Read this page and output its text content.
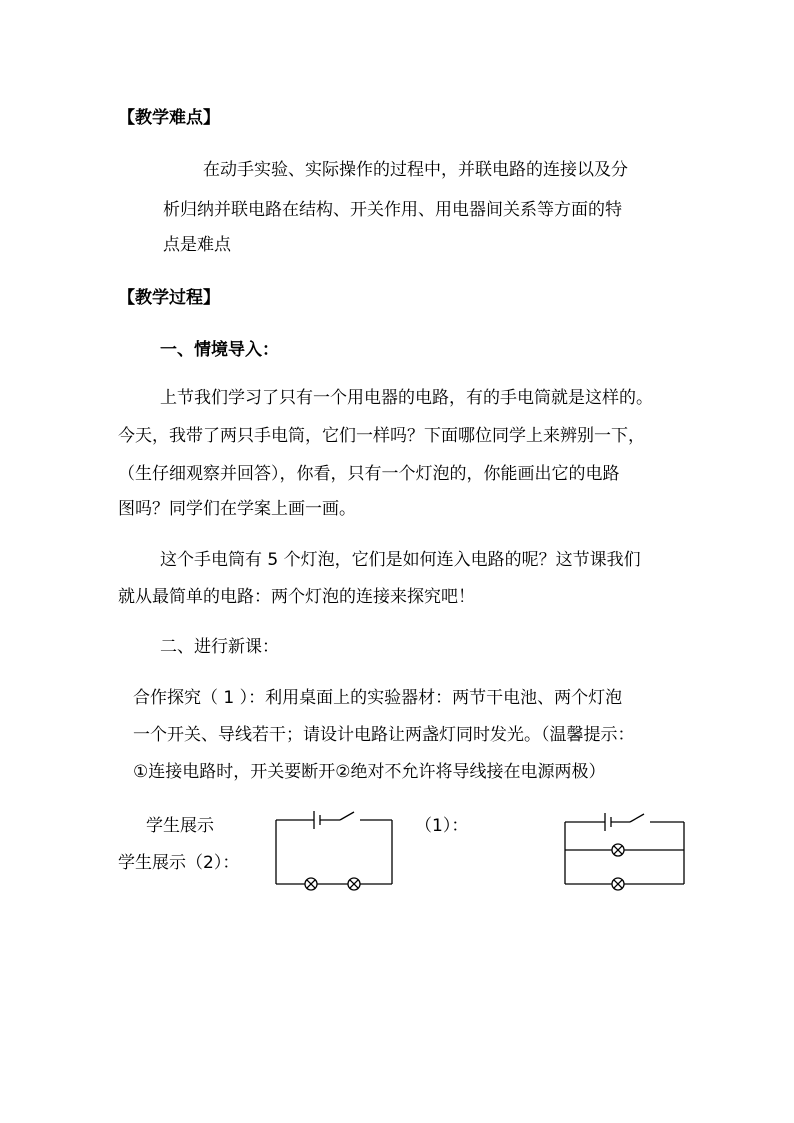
【教学难点】
在动手实验、实际操作的过程中，并联电路的连接以及分
析归纳并联电路在结构、开关作用、用电器间关系等方面的特
点是难点
【教学过程】
一、情境导入：
上节我们学习了只有一个用电器的电路，有的手电筒就是这样的。
今天，我带了两只手电筒，它们一样吗？下面哪位同学上来辨别一下，
（生仔细观察并回答），你看，只有一个灯泡的，你能画出它的电路
图吗？同学们在学案上画一画。
这个手电筒有 5 个灯泡，它们是如何连入电路的呢？这节课我们
就从最简单的电路：两个灯泡的连接来探究吧！
二、进行新课：
合作探究（ 1 ）：利用桌面上的实验器材：两节干电池、两个灯泡
一个开关、导线若干；请设计电路让两盏灯同时发光。（温馨提示：
①连接电路时，开关要断开②绝对不允许将导线接在电源两极）
学生展示	（1）：
学生展示（2）：
